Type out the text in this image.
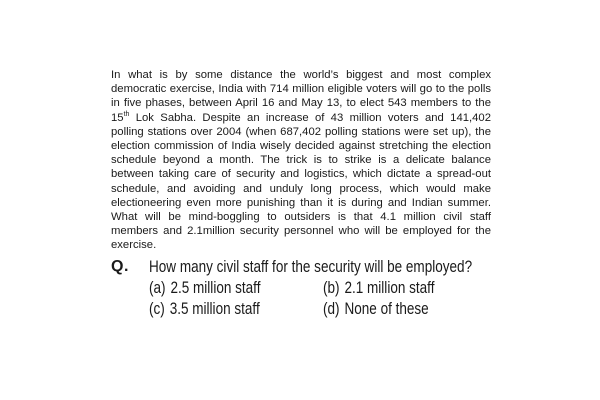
In what is by some distance the world’s biggest and most complex democratic exercise, India with 714 million eligible voters will go to the polls in five phases, between April 16 and May 13, to elect 543 members to the 15th Lok Sabha. Despite an increase of 43 million voters and 141,402 polling stations over 2004 (when 687,402 polling stations were set up), the election commission of India wisely decided against stretching the election schedule beyond a month. The trick is to strike is a delicate balance between taking care of security and logistics, which dictate a spread-out schedule, and avoiding and unduly long process, which would make electioneering even more punishing than it is during and Indian summer. What will be mind-boggling to outsiders is that 4.1 million civil staff members and 2.1million security personnel who will be employed for the exercise.

Q. How many civil staff for the security will be employed?
(a) 2.5 million staff	(b) 2.1 million staff
(c) 3.5 million staff	(d) None of these
